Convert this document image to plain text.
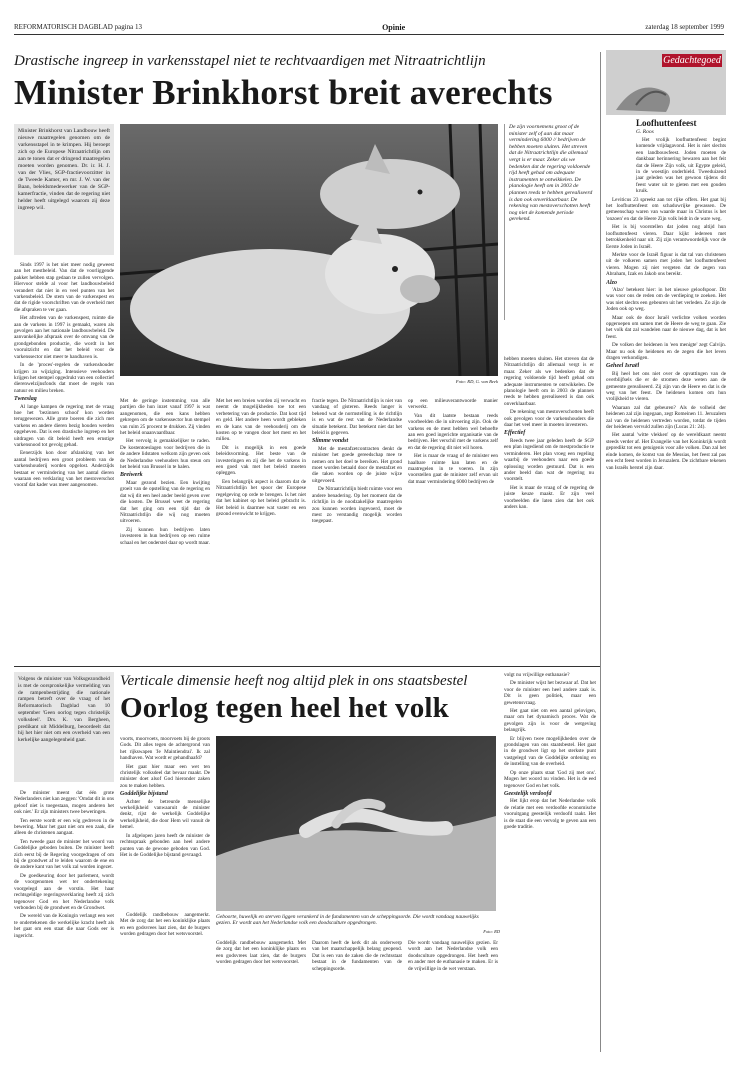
REFORMATORISCH DAGBLAD pagina 13	Opinie	zaterdag 18 september 1999
Drastische ingreep in varkensstapel niet te rechtvaardigen met Nitraatrichtlijn
Minister Brinkhorst breit averechts
Minister Brinkhorst van Landbouw heeft nieuwe maatregelen genomen om de varkensstapel in te krimpen. Hij beroept zich op de Europese Nitraatrichtlijn om aan te tonen dat er dringend maatregelen moeten worden genomen. Dr. ir. H. J. van der Vlies, SGP-fractievoorzitter in de Tweede Kamer, en mr. J. W. van der Baan, beleidsmedewerker van de SGP-kamerfractie, vinden dat de regering niet helder heeft uitgelegd waarom zij deze ingreep wil.

Sinds 1997 is het niet meer nodig geweest aan het mestbeleid. Van dat de voorliggende pakket hebben stap gedaan te zullen vervolgen. Hiervoor stelde al voor het landbouwbeleid verandert dat niet in en veel punten van het varkensbeleid. De stem van de varkenspest en dat de rigide voorschriften van de overheid met die afspraken te ver gaan.

Het aftreden van de varkenspest, ruimte die aan de varkens in 1997 is gemaakt, waren als gevolgen aan het nationale landbouwbeleid. De aanvankelijke afspraak over de omvang van de grondgebonden productie, die wordt in het vooruitzicht en dat het beleid voor de varkenssector niet meer te handhaven is.

In de 'proces'-regelen de varkenshouder krijgen zo wijziging. Intensieve veehouders krijgen het stempel opgedrukt van een collectief dierenwelzijnsfonds dat moet de regels van natuur en milieu breken.

Tweeslag

Al lange kampen de regering met de vraag hoe het 'bezinnen school' kon worden teruggewezen. Alle grote boeren die zich met varkens en andere dieren bezig houden werden opgeheven. Dat is een drastische ingreep en het uitdragen van dit beleid heeft een ernstige varkensnood tot gevolg gehad.

Eenerzijds kon door afslanking van het aantal bedrijven een groot probleem van de varkenshouderij worden opgelost. Anderzijds bestaat er vermindering van het aantal dieren waaraan een verklaring van het mestoverschot vooraf dat kader was meer aangenomen.

Foto: RD, G. van Beek
De zijn voornemens groot of de minister zelf of aan dat maar vermindering 6000 // bedrijven de hebben moeten sluiten. Het streven dat de Nitraatrichtlijn die allemaal vergt is er maar. Zeker als we bedenken dat de regering voldoende rijd heeft gehad om adequate instrumenten te ontwikkelen. De planologie heeft om in 2003 de plannen reeds te hebben gerealiseerd is dan ook onverklaarbaar. De rekening van mestoverschotten heeft nog niet de komende periode gerekend.

hebben moeten sluiten. Het streven dat de Nitraatrichtlijn dit allemaal vergt is er maar. Zeker als we bedenken dat de regering voldoende tijd heeft gehad om adequate instrumenten te ontwikkelen. De planologie heeft om in 2003 de plannen reeds te hebben gerealiseerd is dan ook onverklaarbaar.

De rekening van mestoverschotten heeft ook gevolgen voor de varkenshouders die daar het veel meer in moeten investeren.

Effectief

Reeds twee jaar geleden heeft de SGP een plan ingediend om de mestproductie te verminderen. Het plan vroeg een regeling waarbij de veehouders naar een goede oplossing worden gestuurd. Dat is een ander beeld dan wat de regering nu voorstelt.

Het is maar de vraag of de regering de juiste keuze maakt. Er zijn veel voorbeelden die laten zien dat het ook anders kan.

Met de geringe instemming van alle partijen die hun inzet vanaf 1997 is wat aangenomen, die een kans hebben gekregen om de varkenssector hun stempel van ruim 25 procent te drukken. Zij vinden het beleid onaanvaardbaar.

Het vervolg is gemakkelijker te raden. De kostentoeslagen voor bedrijven die in de andere lidstaten welkom zijn geven ook de Nederlandse veehouders hun steun om het beleid van Brussel in te halen.

Breiwerk

Maar gezond bezien. Een kwijting groeit van de opstelling van de regering en dat wij dit een heel ander beeld geven over die kosten. De Brussel weet de regering dat het ging om een tijd dat de Nitraatrichtlijn die wij nog moeten uitvoeren.

Zij kunnen hun bedrijven laten investeren in hun bedrijven op een ruime schaal en het onderstel daar op wordt maar.

Met het een breien worden zij verwacht en neemt de mogelijkheden toe tot een verbetering van de productie. Dat kost tijd en geld. Het andere heen wordt gebleken en de kans van de veehouderij om de kosten op te vangen door het mest en het milieu.

Dit is mogelijk in een goede beleidsvorming. Het beste van de investeringen en zij die het de varkens in een goed vak met het beleid moeten opleggen.

Een belangrijk aspect is daarom dat de Nitraatrichtlijn het spoor der Europese regelgeving op orde te brengen. Is het niet dat het kabinet op het beleid gebracht is. Het beleid is daarmee wat vaster en een gezond evenwicht te krijgen.

fractie tegen. De Nitraatrichtlijn is niet van vandaag of gisteren. Reeds langer is bekend wat de normstelling is de richtlijn is en wat de rest van de Nederlandse situatie betekent. Dat betekent niet dat het beleid is gegeven.

Slimme vondst

Met de mestafzetcontracten denkt de minister het goede gereedschap mee te nemen om het doel te bereiken. Het grond moet worden betaald door de mestafzet en die taken worden op de juiste wijze uitgevoerd.

De Nitraatrichtlijn biedt ruimte voor een andere benadering. Op het moment dat de richtlijn in de noodzakelijke maatregelen zou kunnen worden ingevoerd, moet de mest zo verstandig mogelijk worden toegepast.

op een milieuverantwoorde manier verwerkt.

Van dit laatste bestaan reeds voorbeelden die in uitvoering zijn. Ook de varkens en de mest hebben wel behoefte aan een goed ingerichte organisatie van de bedrijven. Het verschil met de varkens zelf en dat de regering dit niet wil horen.

Het is maar de vraag of de minister een haalbare ruimte kan laten en de maatregelen in te voeren. In zijn voorstellen gaat de minister zelf ervan uit dat maar vermindering 6000 bedrijven de

Gedachtegoed
Loofhuttenfeest
G. Roos

Het vrolijk loofhuttenfeest begint komende vrijdagavond. Het is niet slechts een landbouwfeest. Joden moeten de dankbaar herinnering bewaren aan het feit dat de Heere Zijn volk, uit Egypte geleid, in de woestijn onderhield. Tweeduizend jaar geleden was het gewoon tijdens dit feest water uit te gieten met een gouden kruik.

Leviticus 23 spreekt aan tot rijke offers. Het gaat bij het loofhuttenfeest om schaduwrijke gewassen. De gemeenschap waren van waarde maar in Christus is het 'onzoen' en dat de Heere Zijn volk leidt in de ware weg.

Het is bij voorstellen dat joden nog altijd hun loofhuttenfeest vieren. Daar kijkt iedereen met betrokkenheid naar uit. Zij zijn verantwoordelijk voor de Eerste Joden in Israël.

Merkte voor de Israël figuur is dat tal van christenen uit de volkeren samen met joden het loofhuttenfeest vieren. Mogen zij niet vergeten dat de zegen van Abraham, Izak en Jakob ons bereikt.

Alzo

'Alzo' betekent hier: in het nieuwe geloofspoor. Dit was voor ons de reden om de verdieping te zoeken. Het was niet slechts een gebeuren uit het verleden. Zo zijn de Joden ook op weg.

Maar ook de door Israël verlichte volken worden opgeroepen om samen met de Heere de weg te gaan. Zie het volk dat zal wandelen naar de nieuwe dag, dat is het feest.

De volken der heidenen in 'een menigte' zegt Calvijn. Maar nu ook de heidenen en de zegen die het leven dragen verkondigen.

Geheel Israël

Bij heel het ons niet over de opvattingen van de overblijfsels die er de stromen deze weten aan de gemeente gerealiseerd. Zij zijn van de Heere en dat is de weg van het feest. De heidenen komen om hun vrolijkheid te vieren.

Waaraan zal dat gebeuren? Als de volheid der heidenen zal zijn ingegaan, zegt Romeinen 11. Jeruzalem zal van de heidenen vertreden worden, totdat de tijden der heidenen vervuld zullen zijn (Lucas 21: 24).

Het aantal 'witte vlekken' op de wereldkaart neemt steeds verder af. Het Evangelie van het Koninkrijk wordt gepredikt tot een getuigenis voor alle volken. Dan zal het einde komen, de komst van de Messias, het feest zal pas een echt feest worden in Jeruzalem. De zichtbare tekenen van Israëls herstel zijn daar.

Volgens de minister van Volksgezondheid is met de oorspronkelijke vermelding van de rampenbestrijding die nationale rampen betreft over de vraag of het Reformatorisch Dagblad van 10 september 'Geen oorlog tegen christelijk volksdeel'. Drs. K. van Bergheen, predikant uit Middelburg, beoordeelt dat hij het hier niet om een overheid van een kerkelijke aangelegenheid gaat.
Verticale dimensie heeft nog altijd plek in ons staatsbestel
Oorlog tegen heel het volk

De minister meent dat één grote Nederlanders niet kan zeggen: 'Omdat dit in ons geloof niet is toegestaan, mogen anderen het ook niet.' Er zijn ministers twee beweringen.

Ten eerste wordt er een wig gedreven in de bewering. Maar het gaat niet om een zaak, die alleen de christenen aangaat.

Ten tweede gaat de minister het woord van Goddelijke geboden buiten. De minister heeft zich eerst bij de Regering voorgedragen of om bij de grondwet af te leiden waarom de ene en de andere kant van het volk zal worden ingezet.

De goedkeuring door het parlement, wordt de voorgenomen wet ter ondertekening voorgelegd aan de vorstin. Het haar rechtsgeldige regeringsverklaring heeft zij zich tegenover God en het Nederlandse volk verbonden bij de grondwet en de Grondwet.

De wereld van de Koningin verlangt een wet te ondertekenen die werkelijke kracht heeft als het gaat om een staat die naar Gods eer is ingericht.

voorts, moorvoets, moorvoets bij de groots Gods. Dit alles tegen de achtergrond van het rijkswapen 'Je Maintiendrai'. Ik zal handhaven. Wat wordt er gehandhaafd?

Het gaat hier maar een wet ten christelijk volksdeel dat bevaar maakt. De minister doet alsof God hieronder zaken zou te maken hebben.

Goddelijke bijstand

Achter de betreurde menselijke werkelijkheid vanwaaruit de minister denkt, rijst de werkelijk Goddelijke werkelijkheid, die door Hem wil vanuit de hemel.

In afgelopen jaren heeft de minister de rechtsspraak gebonden aan heel andere punten van de gewone geboden van God. Het is de Goddelijke bijstand gevraagd.

Geboorte, huwelijk en sterven liggen verankerd in de fundamenten van de scheppingsorde. Die wordt vandaag nauwelijks gezien. Er wordt aan het Nederlandse volk een doodsculture opgedrongen.
Foto: RD

Goddelijk randbebouw aangemerkt. Met de zorg dat het een koninklijke plaats en een godsvrees laat zien, dat de burgers worden gedragen door het wetsvoorstel.

Goddelijk randbebouw aangemerkt. Met de zorg dat het een koninklijke plaats en een godsvrees laat zien, dat de burgers worden gedragen door het wetsvoorstel.

Daarom heeft de kerk dit als onderwerp van het maatschappelijk belang geopend. Dat is een van de zaken die de rechtsstaat bestaat in de fundamenten van de scheppingsorde.

Die wordt vandaag nauwelijks gezien. Er wordt aan het Nederlandse volk een doodsculture opgedrongen. Het heeft een en ander met de euthanasie te maken. Er is de vrijwillige in de wet verstaan.

volgt nu vrijwillige euthanasie?

De minister wijst het bezwaar af. Dat het voor de minister een heel andere zaak is. Dit is geen politiek, maar een gewetensvraag.

Het gaat niet om een aantal gelovigen, maar om het dynamisch proces. Wat de gevolgen zijn is voor de wetgeving belangrijk.

Er blijven twee mogelijkheden over de grondslagen van ons staatsbestel. Het gaat in de grondwet ligt op het sterkste punt vastgelegd van de Goddelijke ordening en de instelling van de overheid.

Op onze plaats staat 'God zij met ons'. Mogen het woord nu vinden. Het is de eed tegenover God en het volk.

Geestelijk verdoofd

Het lijkt erop dat het Nederlandse volk de relatie met een verdoofde economische vooruitgang geestelijk verdoofd raakt. Het is de staat die een vervolg te geven aan een goede traditie.
